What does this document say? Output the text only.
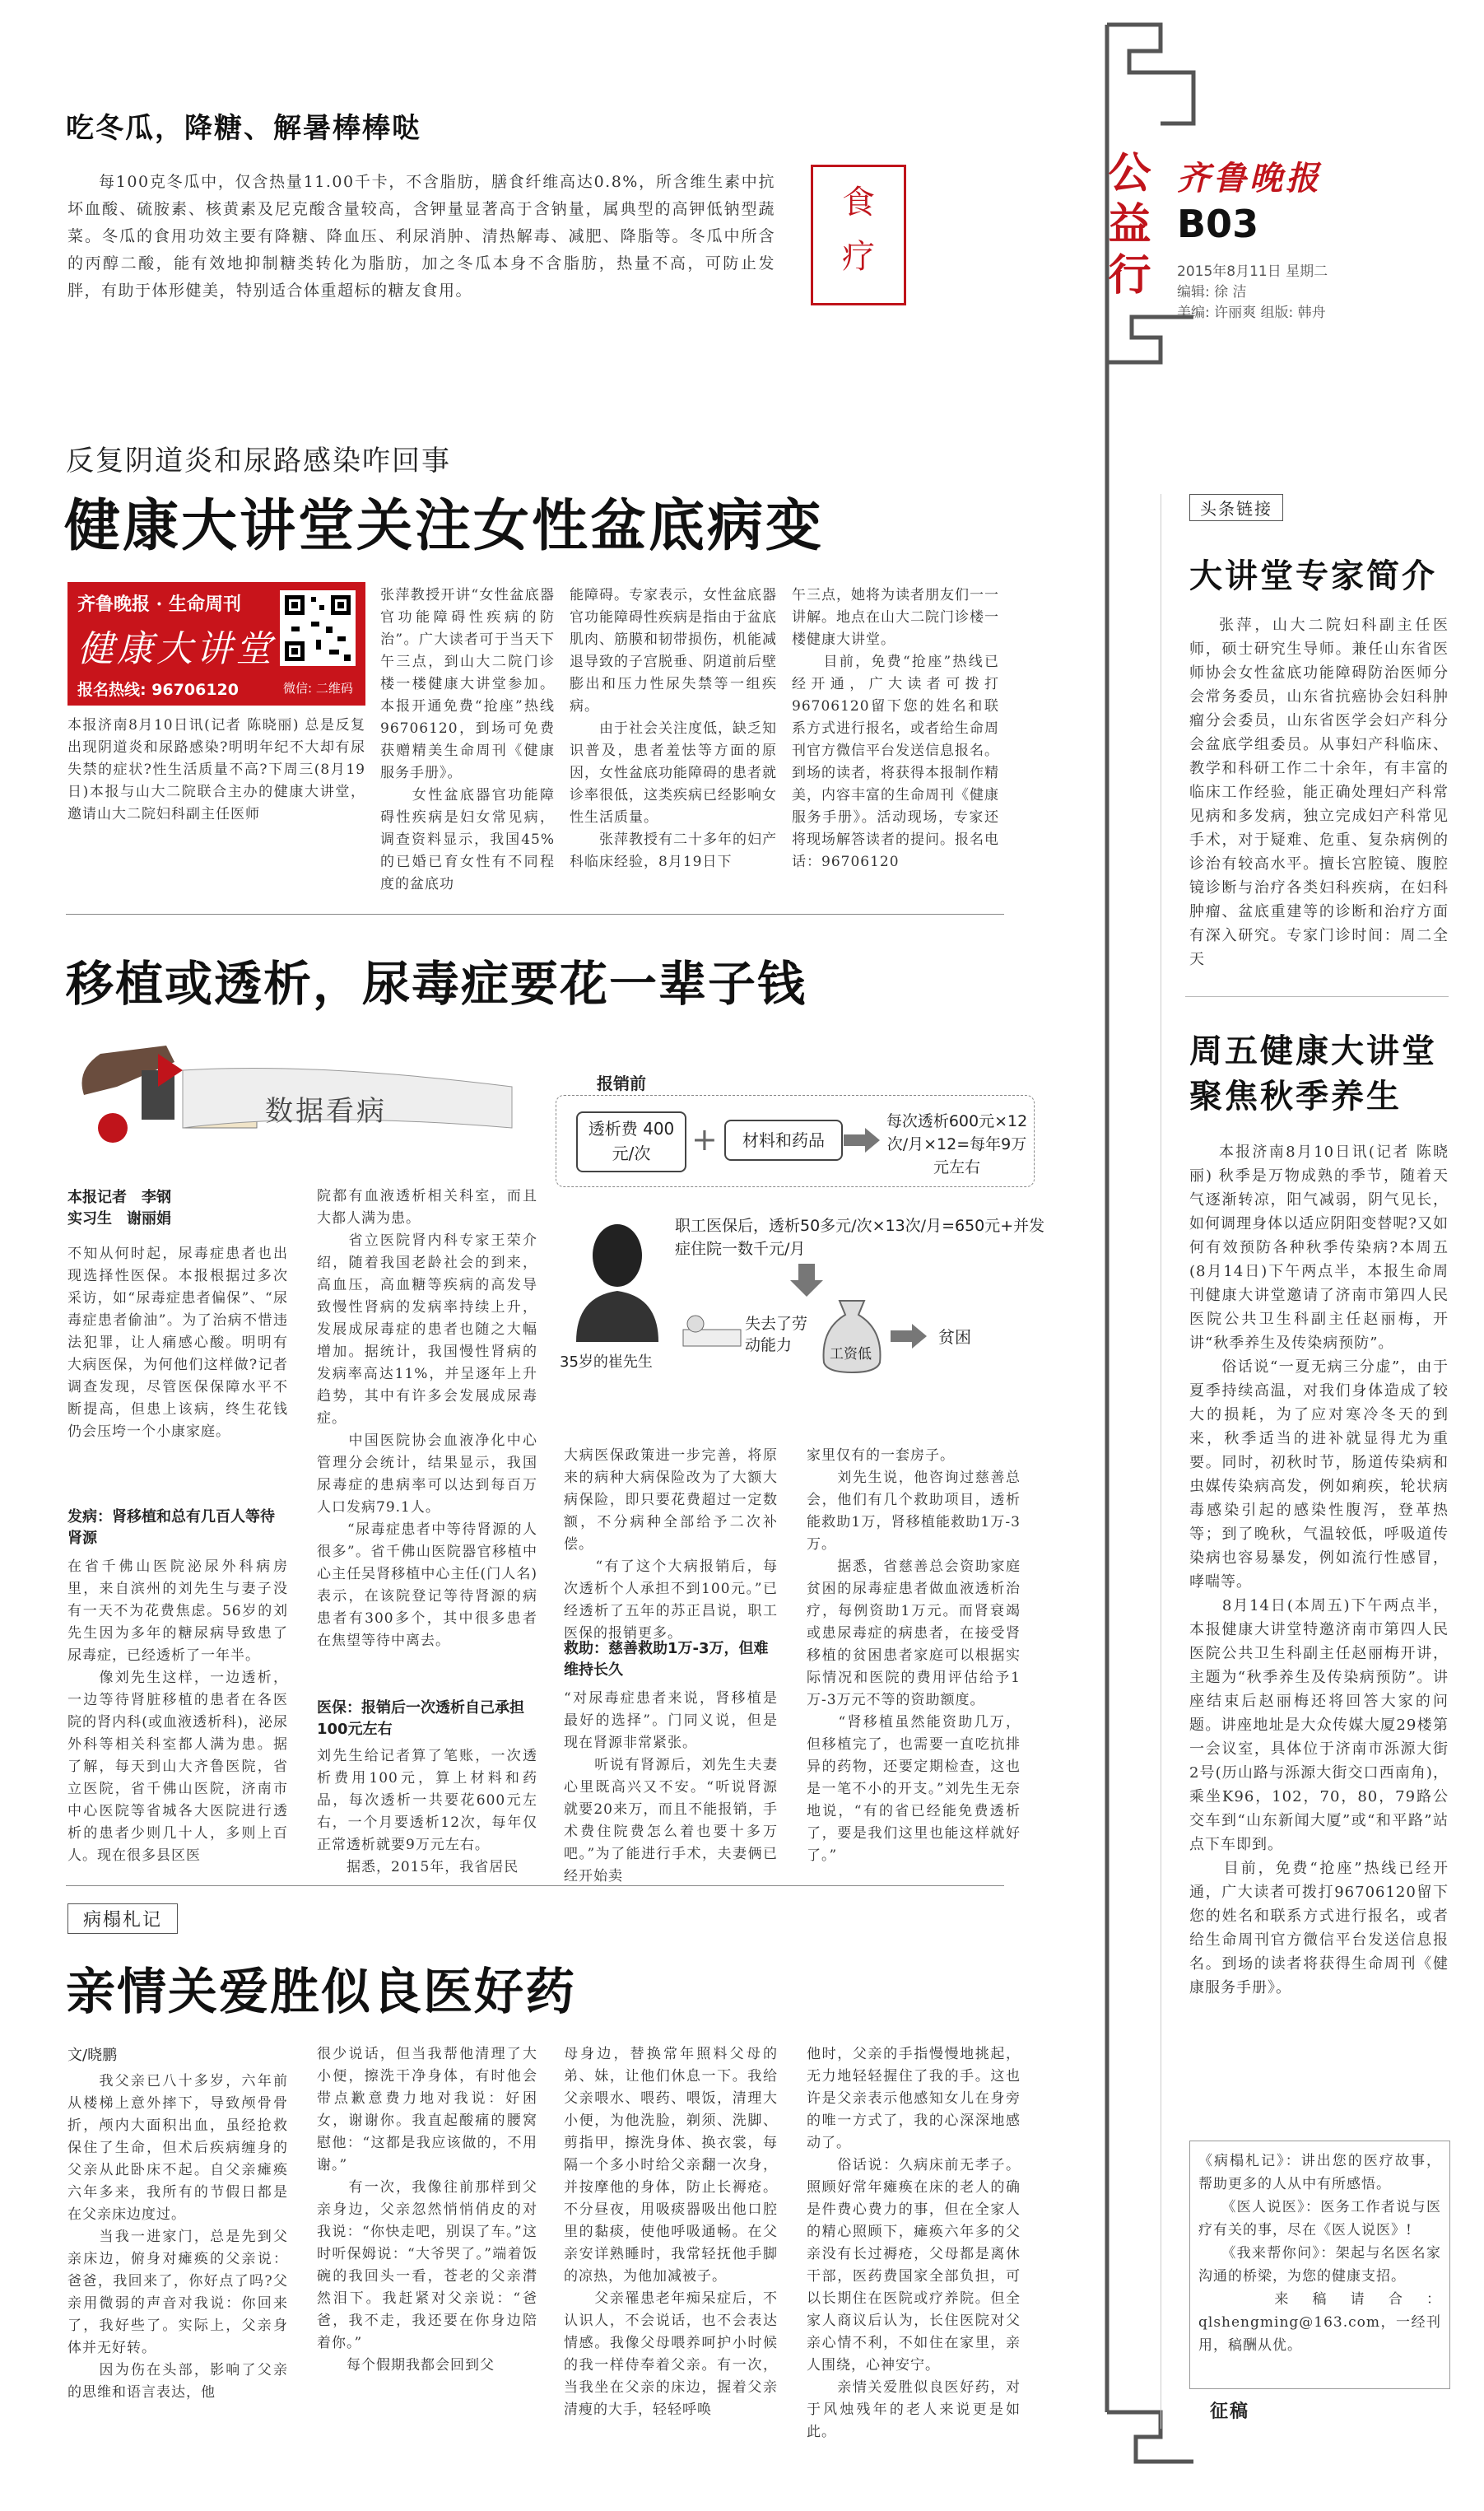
公益行
齐鲁晚报
B03
2015年8月11日 星期二
编辑: 徐 洁
美编: 许丽爽 组版: 韩舟
吃冬瓜，降糖、解暑棒棒哒
每100克冬瓜中，仅含热量11.00千卡，不含脂肪，膳食纤维高达0.8%，所含维生素中抗坏血酸、硫胺素、核黄素及尼克酸含量较高，含钾量显著高于含钠量，属典型的高钾低钠型蔬菜。冬瓜的食用功效主要有降糖、降血压、利尿消肿、清热解毒、减肥、降脂等。冬瓜中所含的丙醇二酸，能有效地抑制糖类转化为脂肪，加之冬瓜本身不含脂肪，热量不高，可防止发胖，有助于体形健美，特别适合体重超标的糖友食用。
食疗
反复阴道炎和尿路感染咋回事
健康大讲堂关注女性盆底病变
齐鲁晚报 · 生命周刊
健康大讲堂
报名热线: 96706120	微信: 二维码
本报济南8月10日讯(记者 陈晓丽) 总是反复出现阴道炎和尿路感染?明明年纪不大却有尿失禁的症状?性生活质量不高?下周三(8月19日)本报与山大二院联合主办的健康大讲堂，邀请山大二院妇科副主任医师
张萍教授开讲“女性盆底器官功能障碍性疾病的防治”。广大读者可于当天下午三点，到山大二院门诊楼一楼健康大讲堂参加。本报开通免费“抢座”热线96706120，到场可免费获赠精美生命周刊《健康服务手册》。
　　女性盆底器官功能障碍性疾病是妇女常见病，调查资料显示，我国45%的已婚已育女性有不同程度的盆底功
能障碍。专家表示，女性盆底器官功能障碍性疾病是指由于盆底肌肉、筋膜和韧带损伤，机能减退导致的子宫脱垂、阴道前后壁膨出和压力性尿失禁等一组疾病。
　　由于社会关注度低，缺乏知识普及，患者羞怯等方面的原因，女性盆底功能障碍的患者就诊率很低，这类疾病已经影响女性生活质量。
　　张萍教授有二十多年的妇产科临床经验，8月19日下
午三点，她将为读者朋友们一一讲解。地点在山大二院门诊楼一楼健康大讲堂。
　　目前，免费“抢座”热线已经开通，广大读者可拨打96706120留下您的姓名和联系方式进行报名，或者给生命周刊官方微信平台发送信息报名。到场的读者，将获得本报制作精美，内容丰富的生命周刊《健康服务手册》。活动现场，专家还将现场解答读者的提问。报名电话：96706120
移植或透析，尿毒症要花一辈子钱
数据看病
本报记者　李钢
实习生　谢丽娟
报销前
透析费 400元/次	+	材料和药品
每次透析600元×12次/月×12=每年9万元左右
35岁的崔先生
职工医保后，透析50多元/次×13次/月=650元+并发症住院一数千元/月
失去了劳动能力	工资低
贫困
不知从何时起，尿毒症患者也出现选择性医保。本报根据过多次采访，如“尿毒症患者偏保”、“尿毒症患者偷油”。为了治病不惜违法犯罪，让人痛感心酸。明明有大病医保，为何他们这样做?记者调查发现，尽管医保保障水平不断提高，但患上该病，终生花钱仍会压垮一个小康家庭。
发病：肾移植和总有几百人等待肾源
在省千佛山医院泌尿外科病房里，来自滨州的刘先生与妻子没有一天不为花费焦虑。56岁的刘先生因为多年的糖尿病导致患了尿毒症，已经透析了一年半。
　　像刘先生这样，一边透析，一边等待肾脏移植的患者在各医院的肾内科(或血液透析科)，泌尿外科等相关科室都人满为患。据了解，每天到山大齐鲁医院，省立医院，省千佛山医院，济南市中心医院等省城各大医院进行透析的患者少则几十人，多则上百人。现在很多县区医
院都有血液透析相关科室，而且大都人满为患。
　　省立医院肾内科专家王荣介绍，随着我国老龄社会的到来，高血压，高血糖等疾病的高发导致慢性肾病的发病率持续上升，发展成尿毒症的患者也随之大幅增加。据统计，我国慢性肾病的发病率高达11%，并呈逐年上升趋势，其中有许多会发展成尿毒症。
　　中国医院协会血液净化中心管理分会统计，结果显示，我国尿毒症的患病率可以达到每百万人口发病79.1人。
　　“尿毒症患者中等待肾源的人很多”。省千佛山医院器官移植中心主任吴肾移植中心主任(门人名)表示，在该院登记等待肾源的病患者有300多个，其中很多患者在焦望等待中离去。
医保：报销后一次透析自己承担100元左右
刘先生给记者算了笔账，一次透析费用100元，算上材料和药品，每次透析一共要花600元左右，一个月要透析12次，每年仅正常透析就要9万元左右。
　　据悉，2015年，我省居民
大病医保政策进一步完善，将原来的病种大病保险改为了大额大病保险，即只要花费超过一定数额，不分病种全部给予二次补偿。
　　“有了这个大病报销后，每次透析个人承担不到100元。”已经透析了五年的苏正昌说，职工医保的报销更多。
救助：慈善救助1万-3万，但难维持长久
“对尿毒症患者来说，肾移植是最好的选择”。门同义说，但是现在肾源非常紧张。
　　听说有肾源后，刘先生夫妻心里既高兴又不安。“听说肾源就要20来万，而且不能报销，手术费住院费怎么着也要十多万吧。”为了能进行手术，夫妻俩已经开始卖
家里仅有的一套房子。
　　刘先生说，他咨询过慈善总会，他们有几个救助项目，透析能救助1万，肾移植能救助1万-3万。
　　据悉，省慈善总会资助家庭贫困的尿毒症患者做血液透析治疗，每例资助1万元。而肾衰竭或患尿毒症的病患者，在接受肾移植的贫困患者家庭可以根据实际情况和医院的费用评估给予1万-3万元不等的资助额度。
　　“肾移植虽然能资助几万，但移植完了，也需要一直吃抗排异的药物，还要定期检查，这也是一笔不小的开支。”刘先生无奈地说，“有的省已经能免费透析了，要是我们这里也能这样就好了。”
病榻札记
亲情关爱胜似良医好药
文/晓鹏
　　我父亲已八十多岁，六年前从楼梯上意外摔下，导致颅骨骨折，颅内大面积出血，虽经抢救保住了生命，但术后疾病缠身的父亲从此卧床不起。自父亲瘫痪六年多来，我所有的节假日都是在父亲床边度过。
　　当我一进家门，总是先到父亲床边，俯身对瘫痪的父亲说：爸爸，我回来了，你好点了吗?父亲用微弱的声音对我说：你回来了，我好些了。实际上，父亲身体并无好转。
　　因为伤在头部，影响了父亲的思维和语言表达，他
很少说话，但当我帮他清理了大小便，擦洗干净身体，有时他会带点歉意费力地对我说：好困女，谢谢你。我直起酸痛的腰窝慰他：“这都是我应该做的，不用谢。”
　　有一次，我像往前那样到父亲身边，父亲忽然悄悄俏皮的对我说：“你快走吧，别误了车。”这时听保姆说：“大爷哭了。”端着饭碗的我回头一看，苍老的父亲潸然泪下。我赶紧对父亲说：“爸爸，我不走，我还要在你身边陪着你。”
　　每个假期我都会回到父
母身边，替换常年照料父母的弟、妹，让他们休息一下。我给父亲喂水、喂药、喂饭，清理大小便，为他洗脸，剃须、洗脚、剪指甲，擦洗身体、换衣裳，每隔一个多小时给父亲翻一次身，并按摩他的身体，防止长褥疮。不分昼夜，用吸痰器吸出他口腔里的黏痰，使他呼吸通畅。在父亲安详熟睡时，我常轻抚他手脚的凉热，为他加减被子。
　　父亲罹患老年痴呆症后，不认识人，不会说话，也不会表达情感。我像父母喂养呵护小时候的我一样侍奉着父亲。有一次，当我坐在父亲的床边，握着父亲清瘦的大手，轻轻呼唤
他时，父亲的手指慢慢地挑起，无力地轻轻握住了我的手。这也许是父亲表示他感知女儿在身旁的唯一方式了，我的心深深地感动了。
　　俗话说：久病床前无孝子。照顾好常年瘫痪在床的老人的确是件费心费力的事，但在全家人的精心照顾下，瘫痪六年多的父亲没有长过褥疮，父母都是离休干部，医药费国家全部负担，可以长期住在医院或疗养院。但全家人商议后认为，长住医院对父亲心情不利，不如住在家里，亲人围绕，心神安宁。
　　亲情关爱胜似良医好药，对于风烛残年的老人来说更是如此。
头条链接
大讲堂专家简介
张萍，山大二院妇科副主任医师，硕士研究生导师。兼任山东省医师协会女性盆底功能障碍防治医师分会常务委员，山东省抗癌协会妇科肿瘤分会委员，山东省医学会妇产科分会盆底学组委员。从事妇产科临床、教学和科研工作二十余年，有丰富的临床工作经验，能正确处理妇产科常见病和多发病，独立完成妇产科常见手术，对于疑难、危重、复杂病例的诊治有较高水平。擅长宫腔镜、腹腔镜诊断与治疗各类妇科疾病，在妇科肿瘤、盆底重建等的诊断和治疗方面有深入研究。专家门诊时间：周二全天
周五健康大讲堂
聚焦秋季养生
本报济南8月10日讯(记者 陈晓丽) 秋季是万物成熟的季节，随着天气逐渐转凉，阳气减弱，阴气见长，如何调理身体以适应阴阳变替呢?又如何有效预防各种秋季传染病?本周五(8月14日)下午两点半，本报生命周刊健康大讲堂邀请了济南市第四人民医院公共卫生科副主任赵丽梅，开讲“秋季养生及传染病预防”。
　　俗话说“一夏无病三分虚”，由于夏季持续高温，对我们身体造成了较大的损耗，为了应对寒冷冬天的到来，秋季适当的进补就显得尤为重要。同时，初秋时节，肠道传染病和虫媒传染病高发，例如痢疾，轮状病毒感染引起的感染性腹泻，登革热等；到了晚秋，气温较低，呼吸道传染病也容易暴发，例如流行性感冒，哮喘等。
　　8月14日(本周五)下午两点半，本报健康大讲堂特邀济南市第四人民医院公共卫生科副主任赵丽梅开讲，主题为“秋季养生及传染病预防”。讲座结束后赵丽梅还将回答大家的问题。讲座地址是大众传媒大厦29楼第一会议室，具体位于济南市泺源大街2号(历山路与泺源大街交口西南角)，乘坐K96，102，70，80，79路公交车到“山东新闻大厦”或“和平路”站点下车即到。
　　目前，免费“抢座”热线已经开通，广大读者可拨打96706120留下您的姓名和联系方式进行报名，或者给生命周刊官方微信平台发送信息报名。到场的读者将获得生命周刊《健康服务手册》。
《病榻札记》：讲出您的医疗故事，帮助更多的人从中有所感悟。
　　《医人说医》：医务工作者说与医疗有关的事，尽在《医人说医》!
　　《我来帮你问》：架起与名医名家沟通的桥梁，为您的健康支招。
　　来稿请合：qlshengming@163.com，一经刊用，稿酬从优。
征稿
